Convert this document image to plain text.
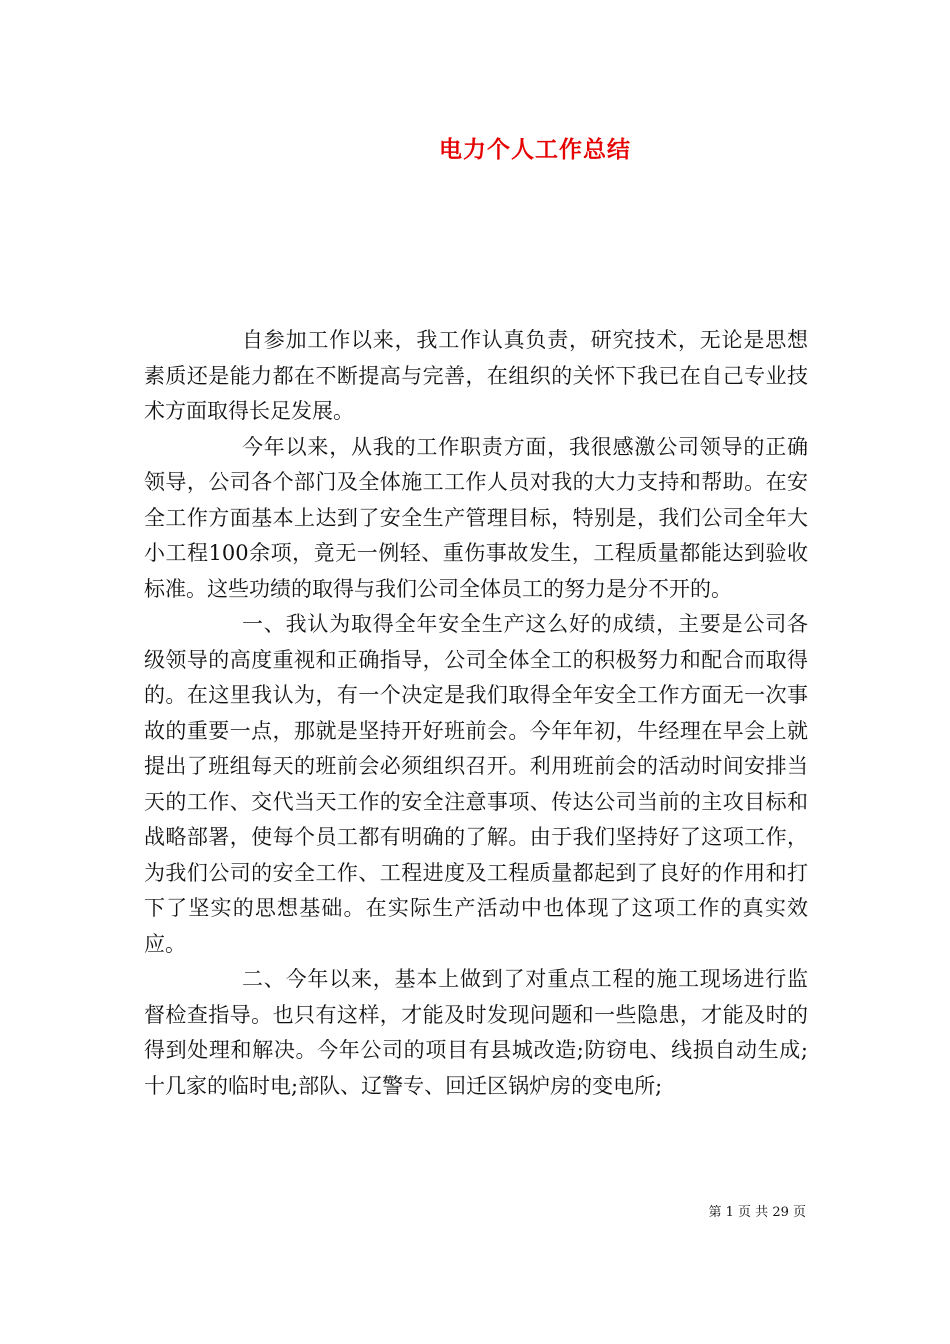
电力个人工作总结

自参加工作以来，我工作认真负责，研究技术，无论是思想素质还是能力都在不断提高与完善，在组织的关怀下我已在自己专业技术方面取得长足发展。

今年以来，从我的工作职责方面，我很感激公司领导的正确领导，公司各个部门及全体施工工作人员对我的大力支持和帮助。在安全工作方面基本上达到了安全生产管理目标，特别是，我们公司全年大小工程100余项，竟无一例轻、重伤事故发生，工程质量都能达到验收标准。这些功绩的取得与我们公司全体员工的努力是分不开的。

一、我认为取得全年安全生产这么好的成绩，主要是公司各级领导的高度重视和正确指导，公司全体全工的积极努力和配合而取得的。在这里我认为，有一个决定是我们取得全年安全工作方面无一次事故的重要一点，那就是坚持开好班前会。今年年初，牛经理在早会上就提出了班组每天的班前会必须组织召开。利用班前会的活动时间安排当天的工作、交代当天工作的安全注意事项、传达公司当前的主攻目标和战略部署，使每个员工都有明确的了解。由于我们坚持好了这项工作，为我们公司的安全工作、工程进度及工程质量都起到了良好的作用和打下了坚实的思想基础。在实际生产活动中也体现了这项工作的真实效应。

二、今年以来，基本上做到了对重点工程的施工现场进行监督检查指导。也只有这样，才能及时发现问题和一些隐患，才能及时的得到处理和解决。今年公司的项目有县城改造;防窃电、线损自动生成;十几家的临时电;部队、辽警专、回迁区锅炉房的变电所;

第 1 页 共 29 页
